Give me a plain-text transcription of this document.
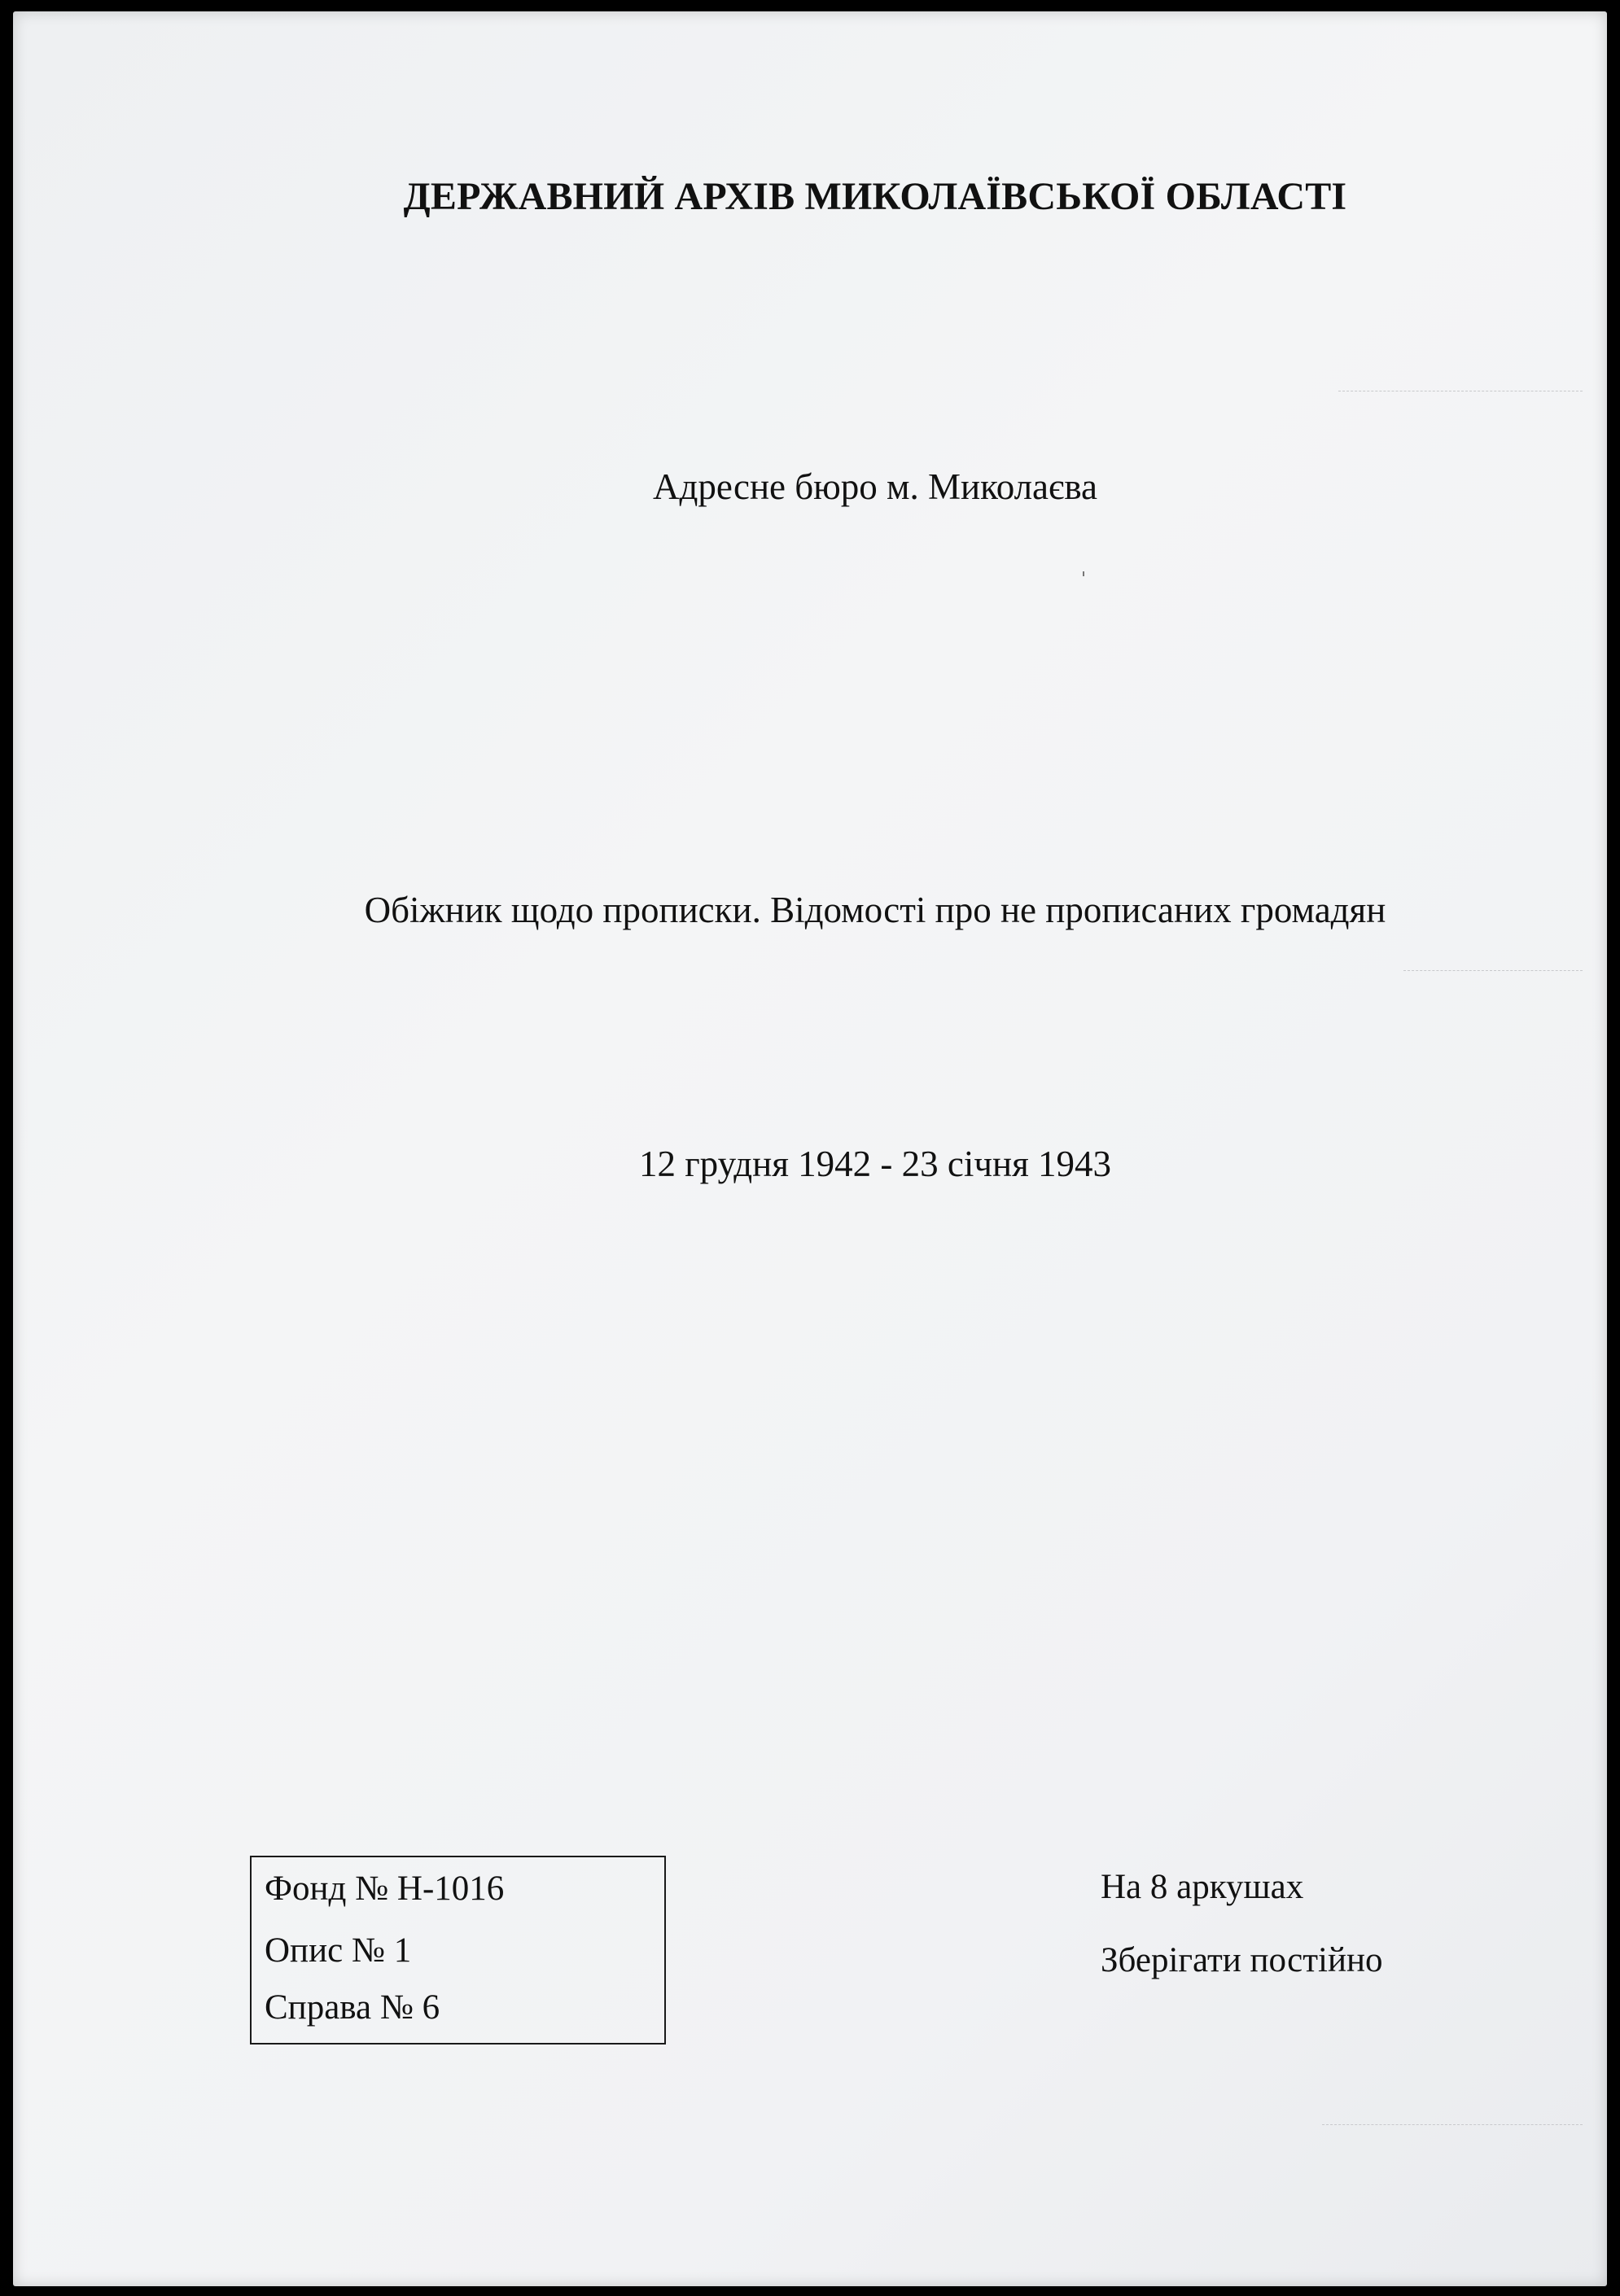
ДЕРЖАВНИЙ АРХІВ МИКОЛАЇВСЬКОЇ ОБЛАСТІ
Адресне бюро м. Миколаєва
Обіжник щодо прописки. Відомості про не прописаних громадян
12 грудня 1942 - 23 січня 1943
Фонд № Н-1016
Опис № 1
Справа № 6
На 8 аркушах
Зберігати постійно
